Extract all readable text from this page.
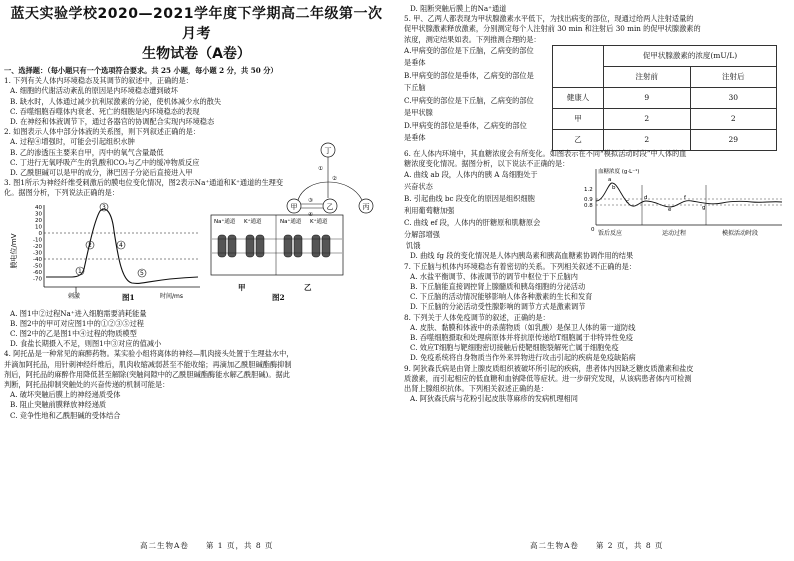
蓝天实验学校2020—2021学年度下学期高二年级第一次月考
生物试卷（A卷）
一、选择题：（每小题只有一个选项符合要求。共 25 小题，每小题 2 分，共 50 分）
1. 下列有关人体内环境稳态及其调节的叙述中，正确的是：
A. 细胞的代谢活动紊乱的原因是内环境稳态遭到破坏
B. 缺水时，人体通过减少抗利尿激素的分泌，使机体减少水的散失
C. 吞噬细胞吞噬体内衰老、死亡的细胞是内环境稳态的表现
D. 在神经和体液调节下，通过各器官的协调配合实现内环境稳态
2. 如图表示人体中部分体液的关系图，则下列叙述正确的是：
A. 过程④增强时，可能会引起组织水肿
B. 乙的渗透压主要来自甲，丙中的氧气含量最低
C. 丁进行无氧呼吸产生的乳酸和CO₂与乙中的缓冲物质反应
D. 乙酰胆碱可以是甲的成分，淋巴因子分泌后直接进入甲
3. 图1所示为神经纤维受刺激后的膜电位变化情况，图2表示Na⁺通道和K⁺通道的生理变
化。据图分析，下列说法正确的是：
膜电位/mV
40
30
20
10
0
-10
-20
-30
-40
-50
-60
-70
1
2
3
4
5
刺激	时间/ms
图1
Na⁺通道 K⁺通道	Na⁺通道 K⁺通道
甲	乙
图2
A. 图1中②过程Na⁺进入细胞需要消耗能量
B. 图2中的甲可对应图1中的①②③⑤过程
C. 图2中的乙是图1中④过程的物质模型
D. 食盐长期摄入不足，则图1中③对应的值减小
4. 阿托品是一种常见的麻醉药物。某实验小组将离体的神经—肌肉接头处置于生理盐水中，
并滴加阿托品，用针刺神经纤维后，肌肉收缩减弱甚至不能收缩；再滴加乙酰胆碱酯酶抑制
剂后，阿托品的麻醉作用降低甚至解除(突触间隙中的乙酰胆碱酯酶能水解乙酰胆碱)。据此
判断，阿托品抑制突触处的兴奋传递的机制可能是：
A. 破坏突触后膜上的神经递质受体
B. 阻止突触前膜释放神经递质
C. 竞争性地和乙酰胆碱的受体结合
丁
甲	乙	丙
①
②
③
④
D. 阻断突触后膜上的Na⁺通道
5. 甲、乙两人都表现为甲状腺激素水平低下，为找出病变的部位，现通过给两人注射适量的
促甲状腺激素释放激素，分别测定每个人注射前 30 min 和注射后 30 min 的促甲状腺激素的
浓度，测定结果如表。下列推测合理的是：
A.甲病变的部位是下丘脑，乙病变的部位
是垂体
B.甲病变的部位是垂体，乙病变的部位是
下丘脑
C.甲病变的部位是下丘脑，乙病变的部位
是甲状腺
D.甲病变的部位是垂体，乙病变的部位
是垂体
	促甲状腺激素的浓度(mU/L)	
	注射前	注射后
健康人	9	30
甲	2	2
乙	2	29
6. 在人体内环境中，其血糖浓度会有所变化。如图表示在不同“模拟活动时段”中人体的血
糖浓度变化情况。据图分析，以下说法不正确的是：
A. 曲线 ab 段，人体内的胰 A 岛细胞处于
兴奋状态
B. 引起曲线 bc 段变化的原因是组织细胞
利用葡萄糖加强
C. 曲线 ef 段，人体内的肝糖原和肌糖原会
分解部增强
血糖浓度 (g·L⁻¹)
1.2
0.9
0.8
0
a
b
c
d
e
f
g
饭后反应	运动过程	模拟活动时段
饥饿
D. 曲线 fg 段的变化情况是人体内胰岛素和胰高血糖素协调作用的结果
7. 下丘脑与机体内环境稳态有着密切的关系。下列相关叙述不正确的是：
A. 水盐平衡调节、体液调节的调节中枢位于下丘脑内
B. 下丘脑能直接调控肾上腺髓质和胰岛细胞的分泌活动
C. 下丘脑的活动情况能够影响人体各种激素的生长和发育
D. 下丘脑的分泌活动受性腺影响的调节方式是激素调节
8. 下列关于人体免疫调节的叙述，正确的是：
A. 皮肤、黏膜和体液中的杀菌物质（如乳酸）是保卫人体的第一道防线
B. 吞噬细胞摄取和处理病原体并将抗原传递给T细胞属于非特异性免疫
C. 效应T细胞与靶细胞密切接触后使靶细胞裂解死亡属于细胞免疫
D. 免疫系统将自身物质当作外来异物进行攻击引起的疾病是免疫缺陷病
9. 阿狄森氏病是由肾上腺皮质组织被破坏所引起的疾病，患者体内因缺乏糖皮质激素和盐皮
质激素，而引起相应的低血糖和血钠降低等症状。进一步研究发现，从该病患者体内可检测
出肾上腺组织抗体。下列相关叙述正确的是：
A. 阿狄森氏病与花粉引起皮肤荨麻疹的发病机理相同
高二生物A卷　　第 1 页，共 8 页	高二生物A卷　　第 2 页，共 8 页
